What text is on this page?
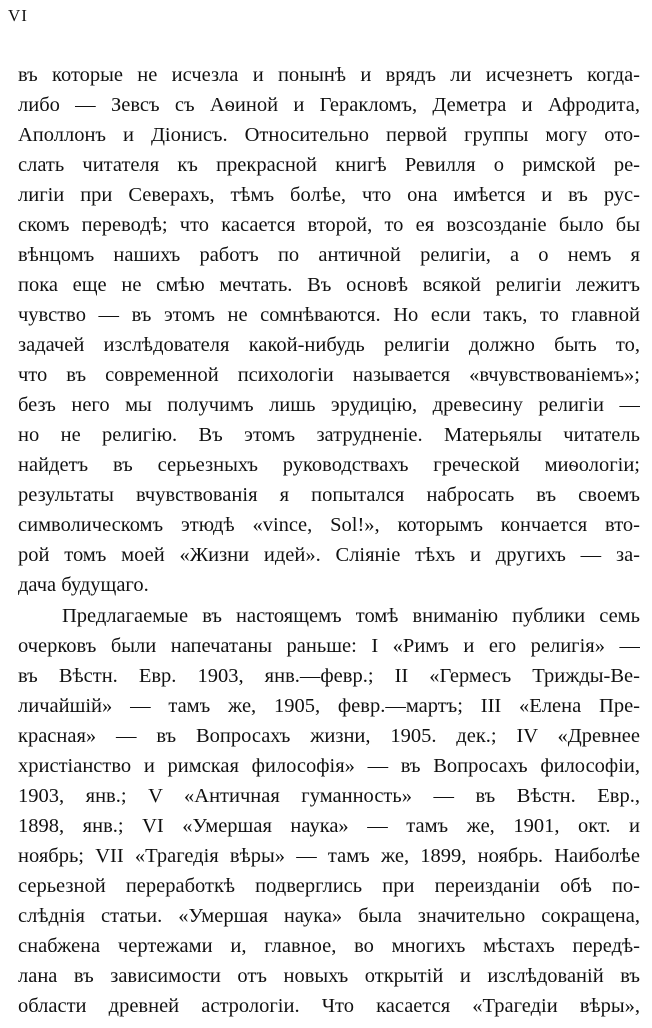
VI
въ которые не исчезла и понынѣ и врядъ ли исчезнетъ когда-
либо — Зевсъ съ Аѳиной и Геракломъ, Деметра и Афродита,
Аполлонъ и Діонисъ. Относительно первой группы могу ото-
слать читателя къ прекрасной книгѣ Ревилля о римской ре-
лигіи при Северахъ, тѣмъ болѣе, что она имѣется и въ рус-
скомъ переводѣ; что касается второй, то ея возсозданіе было бы
вѣнцомъ нашихъ работъ по античной религіи, а о немъ я
пока еще не смѣю мечтать. Въ основѣ всякой религіи лежитъ
чувство — въ этомъ не сомнѣваются. Но если такъ, то главной
задачей изслѣдователя какой-нибудь религіи должно быть то,
что въ современной психологіи называется «вчувствованіемъ»;
безъ него мы получимъ лишь эрудицію, древесину религіи —
но не религію. Въ этомъ затрудненіе. Матерьялы читатель
найдетъ въ серьезныхъ руководствахъ греческой миѳологіи;
результаты вчувствованія я попытался набросать въ своемъ
символическомъ этюдѣ «vince, Sol!», которымъ кончается вто-
рой томъ моей «Жизни идей». Сліяніе тѣхъ и другихъ — за-
дача будущаго.
Предлагаемые въ настоящемъ томѣ вниманію публики семь
очерковъ были напечатаны раньше: I «Римъ и его религія» —
въ Вѣстн. Евр. 1903, янв.—февр.; II «Гермесъ Трижды-Ве-
личайшій» — тамъ же, 1905, февр.—мартъ; III «Елена Пре-
красная» — въ Вопросахъ жизни, 1905. дек.; IV «Древнее
христіанство и римская философія» — въ Вопросахъ философіи,
1903, янв.; V «Античная гуманность» — въ Вѣстн. Евр.,
1898, янв.; VI «Умершая наука» — тамъ же, 1901, окт. и
ноябрь; VII «Трагедія вѣры» — тамъ же, 1899, ноябрь. Наиболѣе
серьезной переработкѣ подверглись при переизданіи обѣ по-
слѣднія статьи. «Умершая наука» была значительно сокращена,
снабжена чертежами и, главное, во многихъ мѣстахъ передѣ-
лана въ зависимости отъ новыхъ открытій и изслѣдованій въ
области древней астрологіи. Что касается «Трагедіи вѣры»,
